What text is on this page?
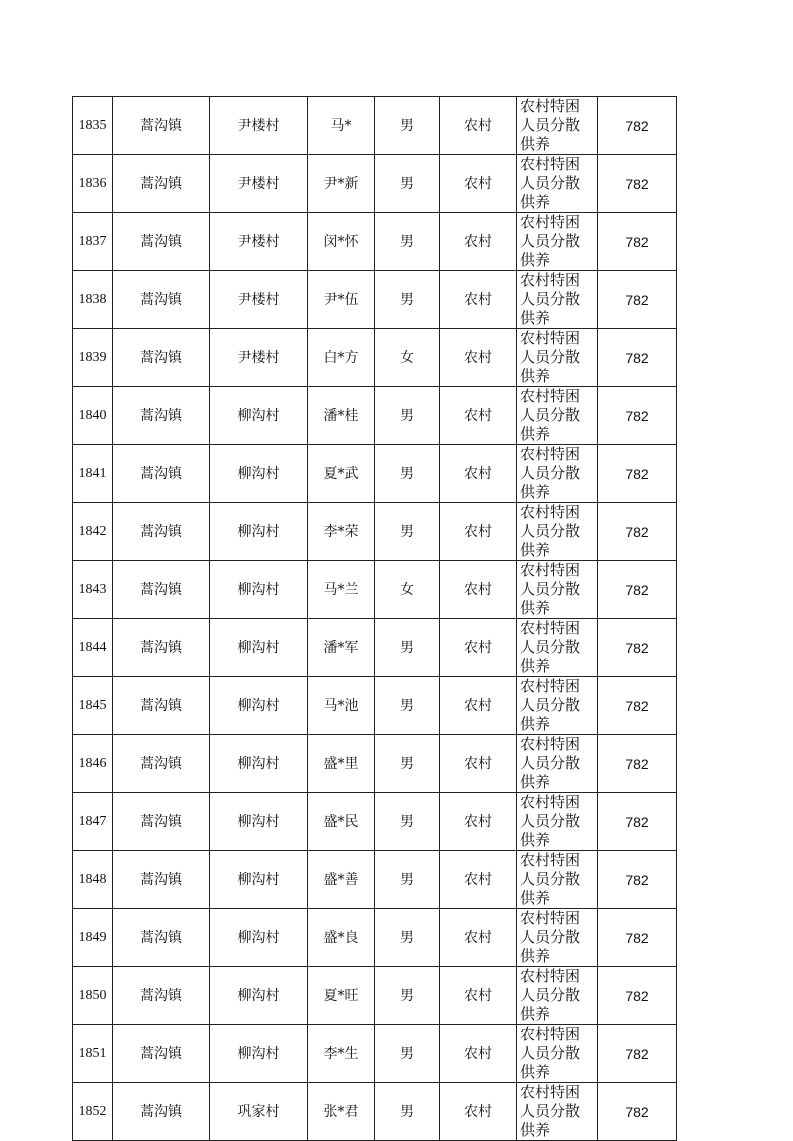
1835	蒿沟镇	尹楼村	马*	男	农村	农村特困人员分散供养	782
1836	蒿沟镇	尹楼村	尹*新	男	农村	农村特困人员分散供养	782
1837	蒿沟镇	尹楼村	闵*怀	男	农村	农村特困人员分散供养	782
1838	蒿沟镇	尹楼村	尹*伍	男	农村	农村特困人员分散供养	782
1839	蒿沟镇	尹楼村	白*方	女	农村	农村特困人员分散供养	782
1840	蒿沟镇	柳沟村	潘*桂	男	农村	农村特困人员分散供养	782
1841	蒿沟镇	柳沟村	夏*武	男	农村	农村特困人员分散供养	782
1842	蒿沟镇	柳沟村	李*荣	男	农村	农村特困人员分散供养	782
1843	蒿沟镇	柳沟村	马*兰	女	农村	农村特困人员分散供养	782
1844	蒿沟镇	柳沟村	潘*军	男	农村	农村特困人员分散供养	782
1845	蒿沟镇	柳沟村	马*池	男	农村	农村特困人员分散供养	782
1846	蒿沟镇	柳沟村	盛*里	男	农村	农村特困人员分散供养	782
1847	蒿沟镇	柳沟村	盛*民	男	农村	农村特困人员分散供养	782
1848	蒿沟镇	柳沟村	盛*善	男	农村	农村特困人员分散供养	782
1849	蒿沟镇	柳沟村	盛*良	男	农村	农村特困人员分散供养	782
1850	蒿沟镇	柳沟村	夏*旺	男	农村	农村特困人员分散供养	782
1851	蒿沟镇	柳沟村	李*生	男	农村	农村特困人员分散供养	782
1852	蒿沟镇	巩家村	张*君	男	农村	农村特困人员分散供养	782
